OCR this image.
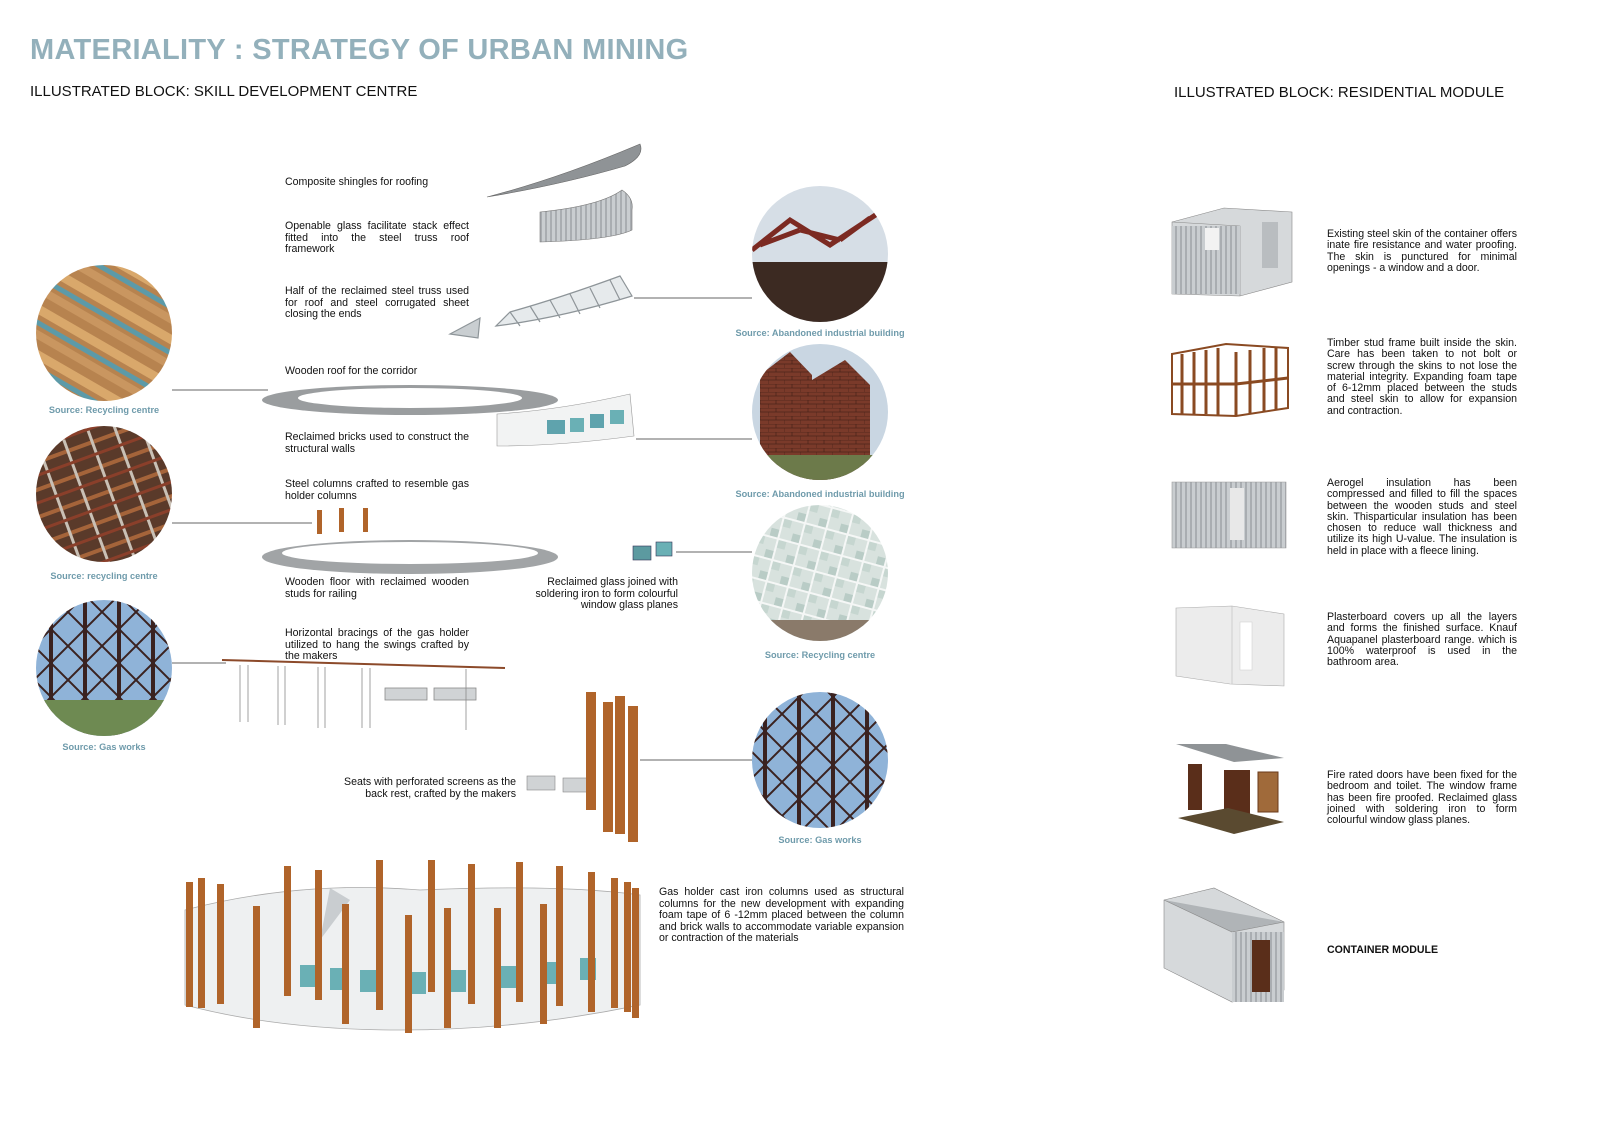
MATERIALITY : STRATEGY OF URBAN MINING
ILLUSTRATED BLOCK: SKILL DEVELOPMENT CENTRE	ILLUSTRATED BLOCK: RESIDENTIAL MODULE
Composite shingles for roofing
Openable glass facilitate stack effect fitted into the steel truss roof framework
Half of the reclaimed steel truss used for roof and steel corrugated sheet closing the ends
Wooden roof for the corridor
Reclaimed bricks used to construct the structural walls
Steel columns crafted to resemble gas holder columns
Wooden floor with reclaimed wooden studs for railing
Reclaimed glass joined with soldering iron to form colourful window glass planes
Horizontal bracings of the gas holder utilized to hang the swings crafted by the makers
Seats with perforated screens as the back rest, crafted by the makers
Gas holder cast iron columns used as structural columns for the new development with expanding foam tape of 6 -12mm placed between the column and brick walls to accommodate variable expansion or contraction of the materials
Source: Recycling centre
Source: recycling centre
Source: Gas works
Source: Abandoned industrial building
Source: Abandoned industrial building
Source: Recycling centre
Source: Gas works
Existing steel skin of the container offers inate fire resistance and water proofing. The skin is punctured for minimal openings - a window and a door.
Timber stud frame built inside the skin. Care has been taken to not bolt or screw through the skins to not lose the material integrity. Expanding foam tape of 6-12mm placed between the studs and steel skin to allow for expansion and contraction.
Aerogel insulation has been compressed and filled to fill the spaces between the wooden studs and steel skin. Thisparticular insulation has been chosen to reduce wall thickness and utilize its high U-value. The insulation is held in place with a fleece lining.
Plasterboard covers up all the layers and forms the finished surface. Knauf Aquapanel plasterboard range. which is 100% waterproof is used in the bathroom area.
Fire rated doors have been fixed for the bedroom and toilet. The window frame has been fire proofed. Reclaimed glass joined with soldering iron to form colourful window glass planes.
CONTAINER MODULE
